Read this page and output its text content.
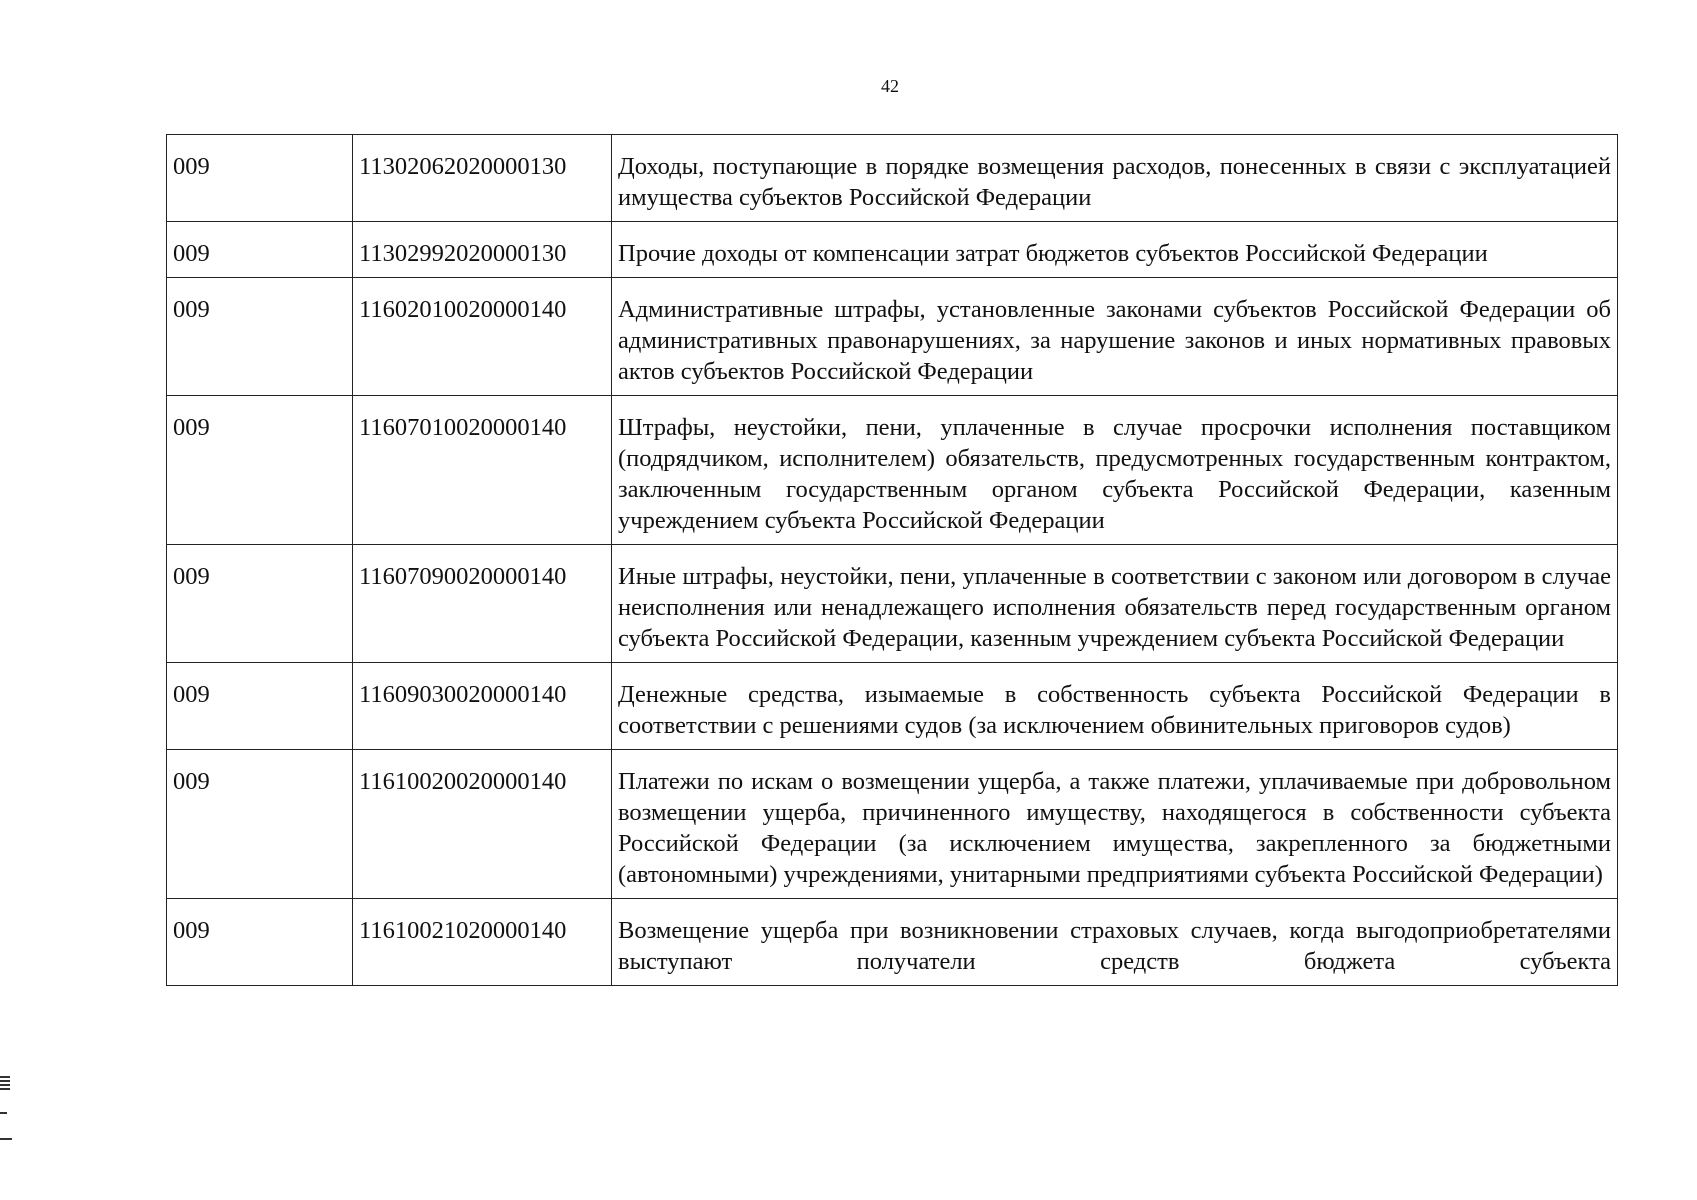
42
009	11302062020000130	Доходы, поступающие в порядке возмещения расходов, понесенных в связи с эксплуатацией имущества субъектов Российской Федерации
009	11302992020000130	Прочие доходы от компенсации затрат бюджетов субъектов Российской Федерации
009	11602010020000140	Административные штрафы, установленные законами субъектов Российской Федерации об административных правонарушениях, за нарушение законов и иных нормативных правовых актов субъектов Российской Федерации
009	11607010020000140	Штрафы, неустойки, пени, уплаченные в случае просрочки исполнения поставщиком (подрядчиком, исполнителем) обязательств, предусмотренных государственным контрактом, заключенным государственным органом субъекта Российской Федерации, казенным учреждением субъекта Российской Федерации
009	11607090020000140	Иные штрафы, неустойки, пени, уплаченные в соответствии с законом или договором в случае неисполнения или ненадлежащего исполнения обязательств перед государственным органом субъекта Российской Федерации, казенным учреждением субъекта Российской Федерации
009	11609030020000140	Денежные средства, изымаемые в собственность субъекта Российской Федерации в соответствии с решениями судов (за исключением обвинительных приговоров судов)
009	11610020020000140	Платежи по искам о возмещении ущерба, а также платежи, уплачиваемые при добровольном возмещении ущерба, причиненного имуществу, находящегося в собственности субъекта Российской Федерации (за исключением имущества, закрепленного за бюджетными (автономными) учреждениями, унитарными предприятиями субъекта Российской Федерации)
009	11610021020000140	Возмещение ущерба при возникновении страховых случаев, когда выгодоприобретателями выступают получатели средств бюджета субъекта
